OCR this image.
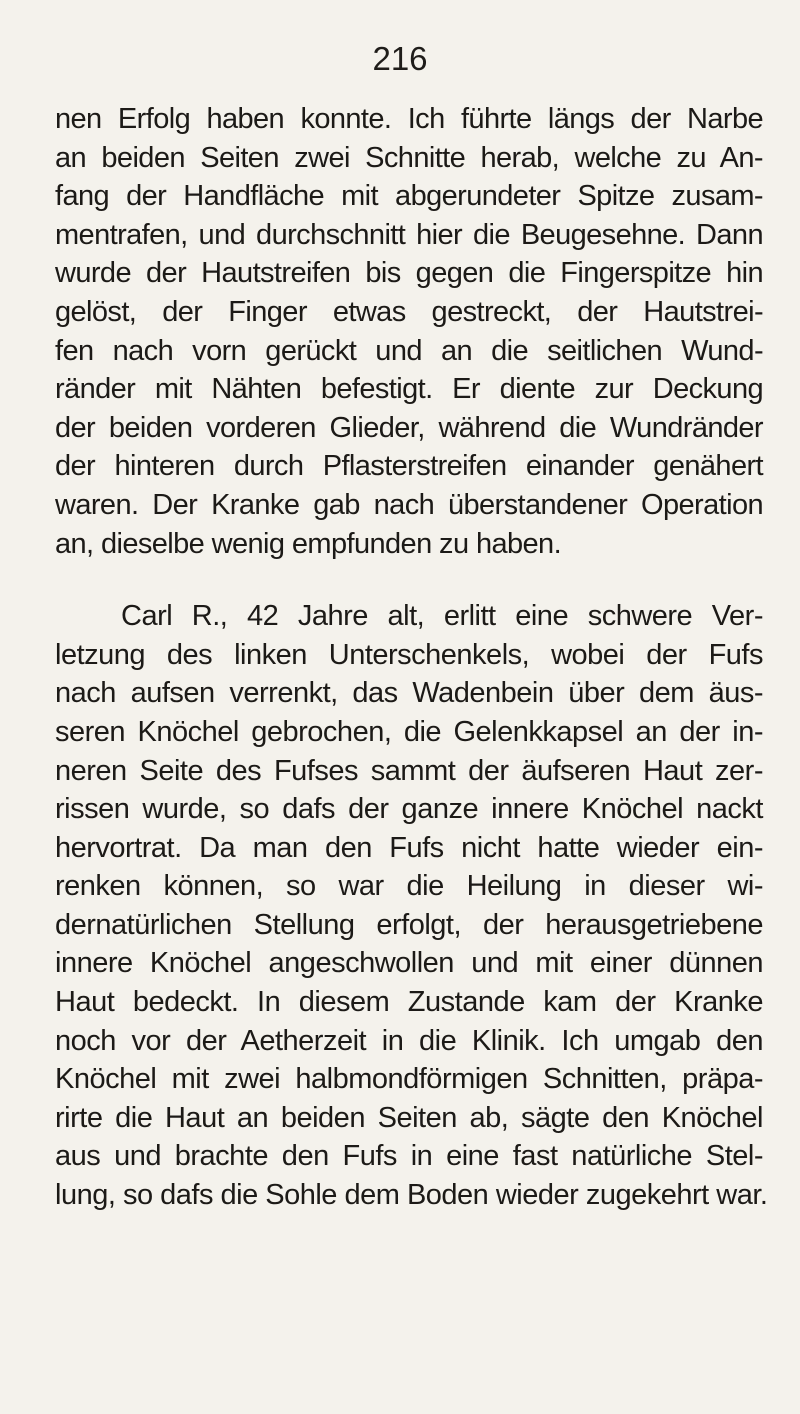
216
nen Erfolg haben konnte. Ich führte längs der Narbe
an beiden Seiten zwei Schnitte herab, welche zu An-
fang der Handfläche mit abgerundeter Spitze zusam-
mentrafen, und durchschnitt hier die Beugesehne. Dann
wurde der Hautstreifen bis gegen die Fingerspitze hin
gelöst, der Finger etwas gestreckt, der Hautstrei-
fen nach vorn gerückt und an die seitlichen Wund-
ränder mit Nähten befestigt. Er diente zur Deckung
der beiden vorderen Glieder, während die Wundränder
der hinteren durch Pflasterstreifen einander genähert
waren. Der Kranke gab nach überstandener Operation
an, dieselbe wenig empfunden zu haben.
Carl R., 42 Jahre alt, erlitt eine schwere Ver-
letzung des linken Unterschenkels, wobei der Fufs
nach aufsen verrenkt, das Wadenbein über dem äus-
seren Knöchel gebrochen, die Gelenkkapsel an der in-
neren Seite des Fufses sammt der äufseren Haut zer-
rissen wurde, so dafs der ganze innere Knöchel nackt
hervortrat. Da man den Fufs nicht hatte wieder ein-
renken können, so war die Heilung in dieser wi-
dernatürlichen Stellung erfolgt, der herausgetriebene
innere Knöchel angeschwollen und mit einer dünnen
Haut bedeckt. In diesem Zustande kam der Kranke
noch vor der Aetherzeit in die Klinik. Ich umgab den
Knöchel mit zwei halbmondförmigen Schnitten, präpa-
rirte die Haut an beiden Seiten ab, sägte den Knöchel
aus und brachte den Fufs in eine fast natürliche Stel-
lung, so dafs die Sohle dem Boden wieder zugekehrt war.
